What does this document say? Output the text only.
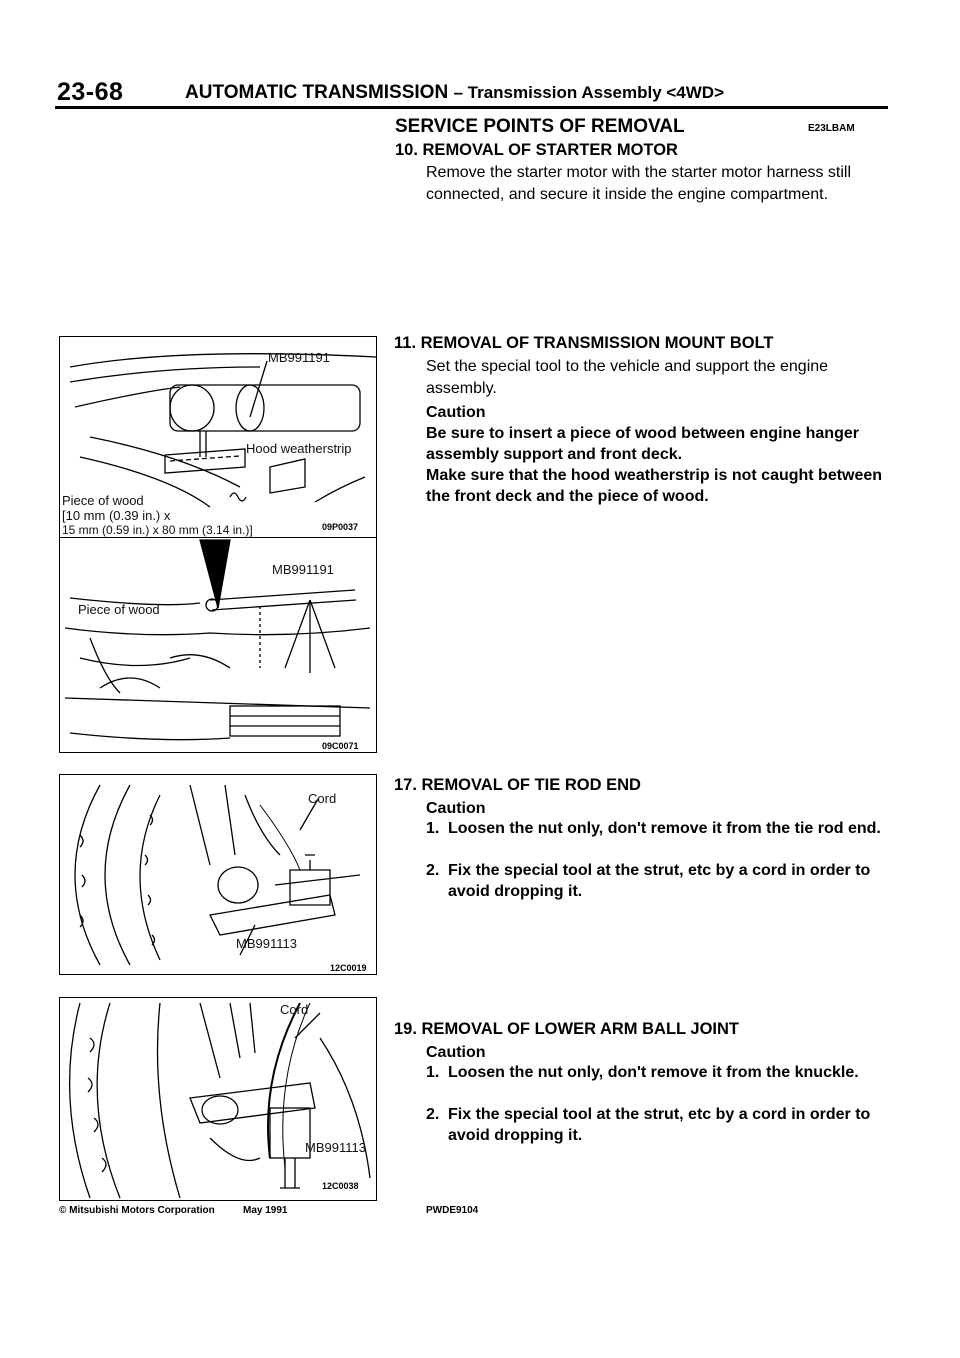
23-68	AUTOMATIC TRANSMISSION – Transmission Assembly <4WD>
SERVICE POINTS OF REMOVAL	E23LBAM
10. REMOVAL OF STARTER MOTOR
Remove the starter motor with the starter motor harness still connected, and secure it inside the engine compartment.
11. REMOVAL OF TRANSMISSION MOUNT BOLT
Set the special tool to the vehicle and support the engine assembly.
Caution
Be sure to insert a piece of wood between engine hanger assembly support and front deck.
Make sure that the hood weatherstrip is not caught between the front deck and the piece of wood.
17. REMOVAL OF TIE ROD END
Caution
1. Loosen the nut only, don't remove it from the tie rod end.
2. Fix the special tool at the strut, etc by a cord in order to avoid dropping it.
19. REMOVAL OF LOWER ARM BALL JOINT
Caution
1. Loosen the nut only, don't remove it from the knuckle.
2. Fix the special tool at the strut, etc by a cord in order to avoid dropping it.
MB991191
Hood weatherstrip
Piece of wood
[10 mm (0.39 in.) x
15 mm (0.59 in.) x 80 mm (3.14 in.)]	09P0037
MB991191
Piece of wood
09C0071
Cord
MB991113
12C0019
Cord
MB991113
12C0038
© Mitsubishi Motors Corporation	May 1991	PWDE9104
